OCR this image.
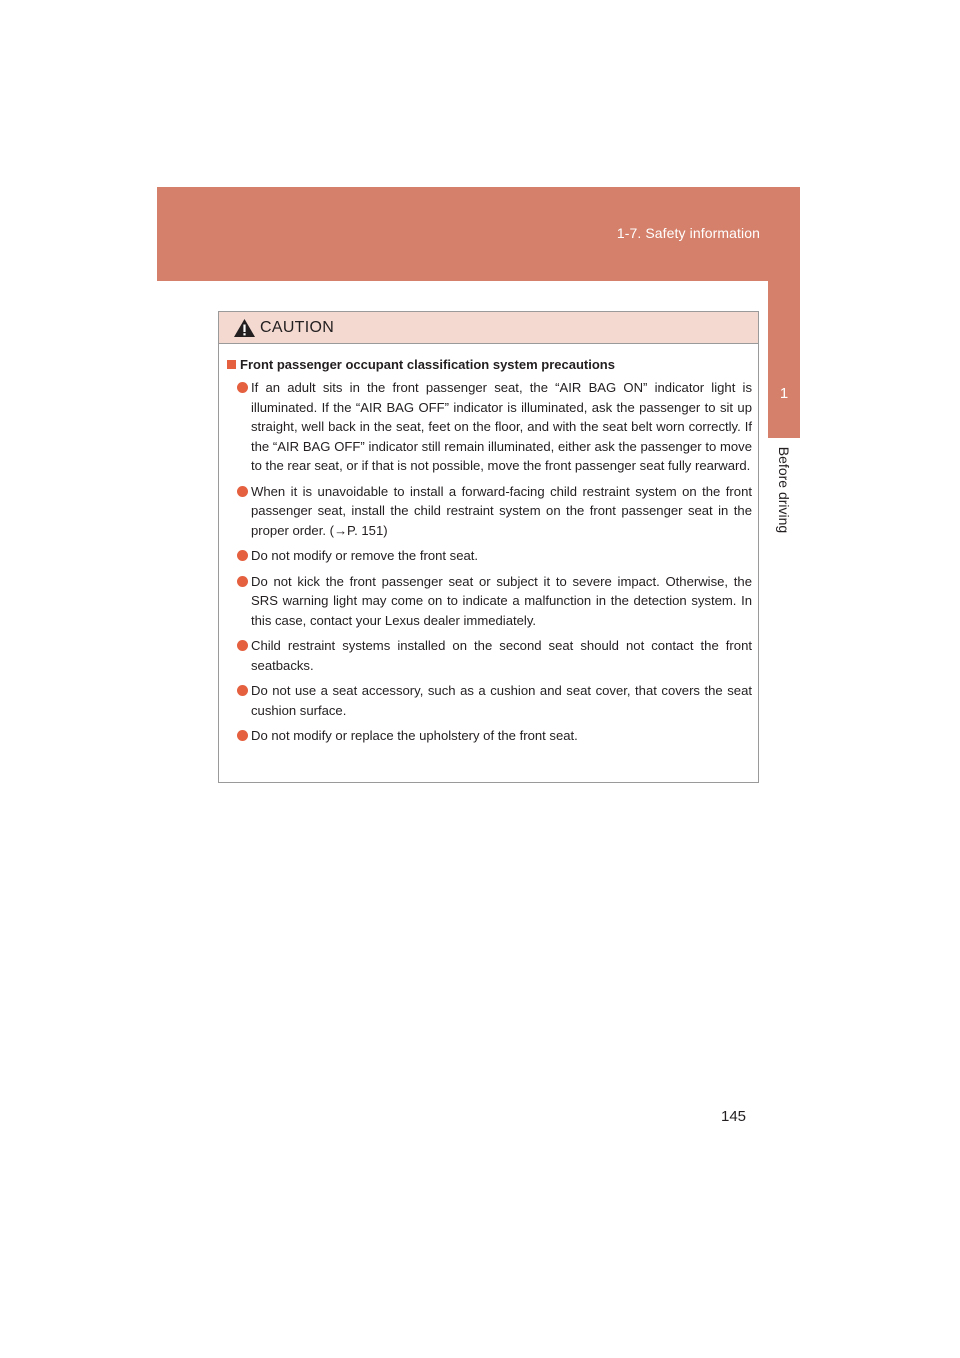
1-7. Safety information
1
Before driving
CAUTION
Front passenger occupant classification system precautions
If an adult sits in the front passenger seat, the “AIR BAG ON” indicator light is illuminated. If the “AIR BAG OFF” indicator is illuminated, ask the passenger to sit up straight, well back in the seat, feet on the floor, and with the seat belt worn correctly. If the “AIR BAG OFF” indicator still remain illuminated, either ask the passenger to move to the rear seat, or if that is not possible, move the front passenger seat fully rearward.
When it is unavoidable to install a forward-facing child restraint system on the front passenger seat, install the child restraint system on the front passenger seat in the proper order. (→P. 151)
Do not modify or remove the front seat.
Do not kick the front passenger seat or subject it to severe impact. Otherwise, the SRS warning light may come on to indicate a malfunction in the detection system. In this case, contact your Lexus dealer immediately.
Child restraint systems installed on the second seat should not contact the front seatbacks.
Do not use a seat accessory, such as a cushion and seat cover, that covers the seat cushion surface.
Do not modify or replace the upholstery of the front seat.
145
